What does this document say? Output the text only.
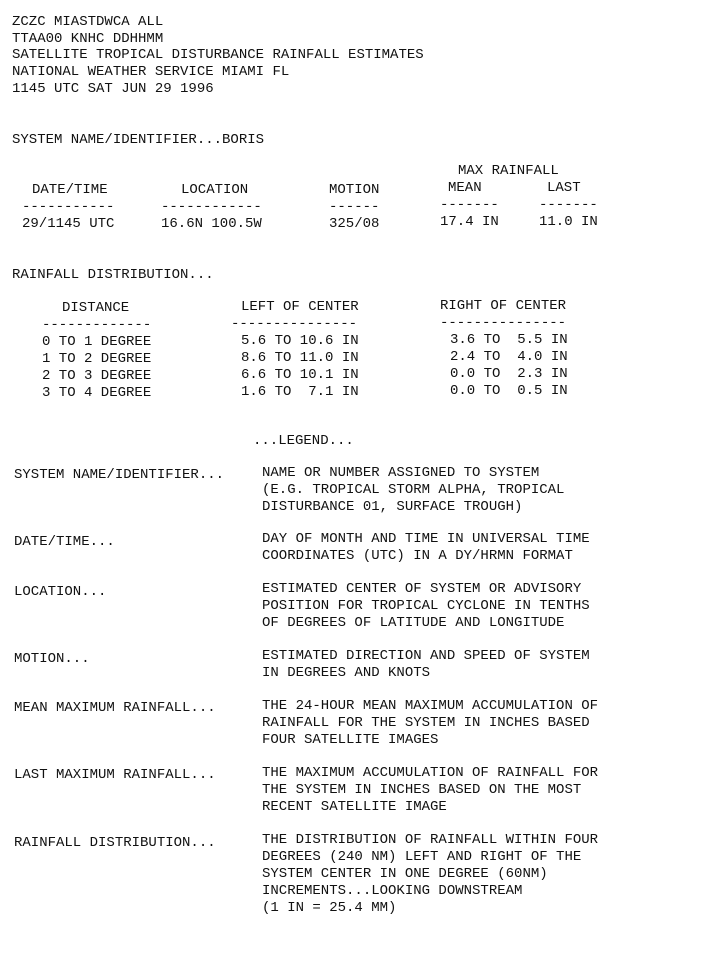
ZCZC MIASTDWCA ALL
TTAA00 KNHC DDHHMM
SATELLITE TROPICAL DISTURBANCE RAINFALL ESTIMATES
NATIONAL WEATHER SERVICE MIAMI FL
1145 UTC SAT JUN 29 1996
SYSTEM NAME/IDENTIFIER...BORIS
MAX RAINFALL
DATE/TIME	LOCATION	MOTION	MEAN	LAST
-----------	------------	------	-------	-------
29/1145 UTC	16.6N 100.5W	325/08	17.4 IN	11.0 IN
RAINFALL DISTRIBUTION...
DISTANCE	LEFT OF CENTER	RIGHT OF CENTER
-------------	---------------	---------------
0 TO 1 DEGREE	5.6 TO 10.6 IN	3.6 TO  5.5 IN
1 TO 2 DEGREE	8.6 TO 11.0 IN	2.4 TO  4.0 IN
2 TO 3 DEGREE	6.6 TO 10.1 IN	0.0 TO  2.3 IN
3 TO 4 DEGREE	1.6 TO  7.1 IN	0.0 TO  0.5 IN
...LEGEND...
SYSTEM NAME/IDENTIFIER...	NAME OR NUMBER ASSIGNED TO SYSTEM
(E.G. TROPICAL STORM ALPHA, TROPICAL
DISTURBANCE 01, SURFACE TROUGH)
DATE/TIME...	DAY OF MONTH AND TIME IN UNIVERSAL TIME
COORDINATES (UTC) IN A DY/HRMN FORMAT
LOCATION...	ESTIMATED CENTER OF SYSTEM OR ADVISORY
POSITION FOR TROPICAL CYCLONE IN TENTHS
OF DEGREES OF LATITUDE AND LONGITUDE
MOTION...	ESTIMATED DIRECTION AND SPEED OF SYSTEM
IN DEGREES AND KNOTS
MEAN MAXIMUM RAINFALL...	THE 24-HOUR MEAN MAXIMUM ACCUMULATION OF
RAINFALL FOR THE SYSTEM IN INCHES BASED
FOUR SATELLITE IMAGES
LAST MAXIMUM RAINFALL...	THE MAXIMUM ACCUMULATION OF RAINFALL FOR
THE SYSTEM IN INCHES BASED ON THE MOST
RECENT SATELLITE IMAGE
RAINFALL DISTRIBUTION...	THE DISTRIBUTION OF RAINFALL WITHIN FOUR
DEGREES (240 NM) LEFT AND RIGHT OF THE
SYSTEM CENTER IN ONE DEGREE (60NM)
INCREMENTS...LOOKING DOWNSTREAM
(1 IN = 25.4 MM)
